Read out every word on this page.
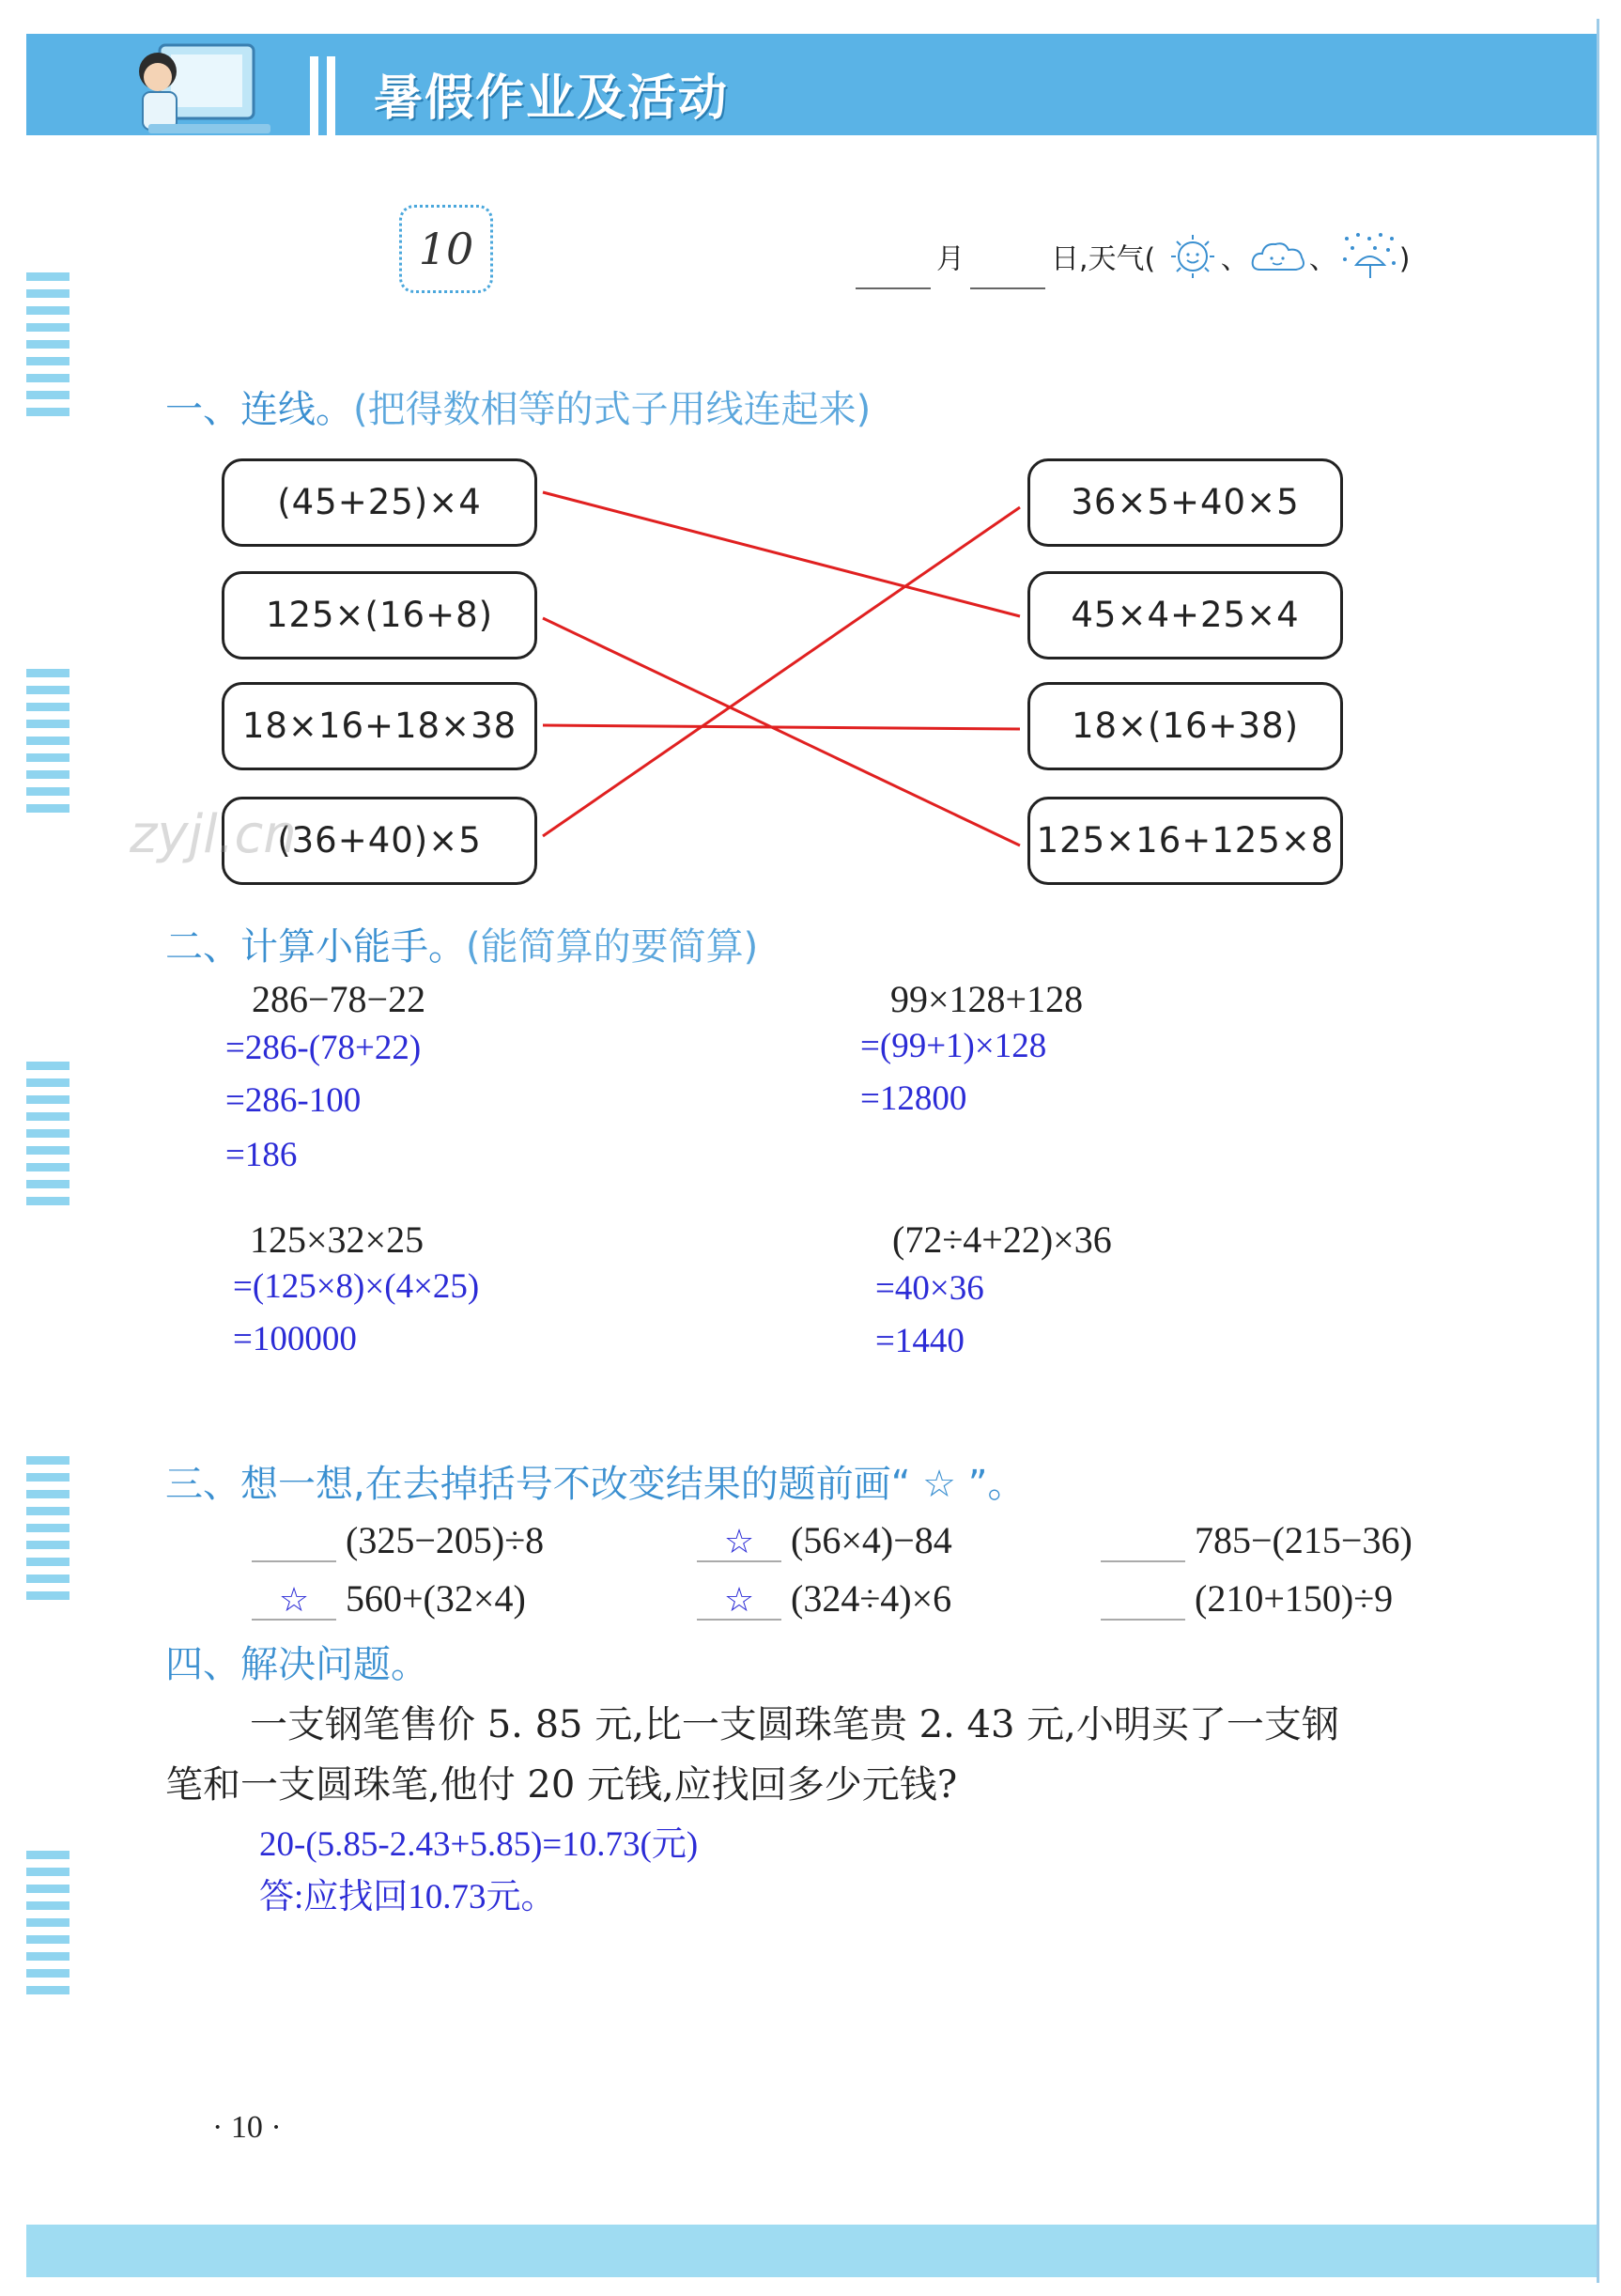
暑假作业及活动
10	月	日,天气( 、 、 )
一、连线。(把得数相等的式子用线连起来)
(45+25)×4
125×(16+8)
18×16+18×38
(36+40)×5
36×5+40×5
45×4+25×4
18×(16+38)
125×16+125×8
zyjl.cn
二、计算小能手。(能简算的要简算)
286−78−22
=286-(78+22)
=286-100
=186
99×128+128
=(99+1)×128
=12800
125×32×25
=(125×8)×(4×25)
=100000
(72÷4+22)×36
=40×36
=1440
三、想一想,在去掉括号不改变结果的题前画“ ☆ ”。
(325−205)÷8	☆ (56×4)−84	785−(215−36)
☆ 560+(32×4)	☆ (324÷4)×6	(210+150)÷9
四、解决问题。
一支钢笔售价 5. 85 元,比一支圆珠笔贵 2. 43 元,小明买了一支钢
笔和一支圆珠笔,他付 20 元钱,应找回多少元钱?
20-(5.85-2.43+5.85)=10.73(元)
答:应找回10.73元。
· 10 ·
